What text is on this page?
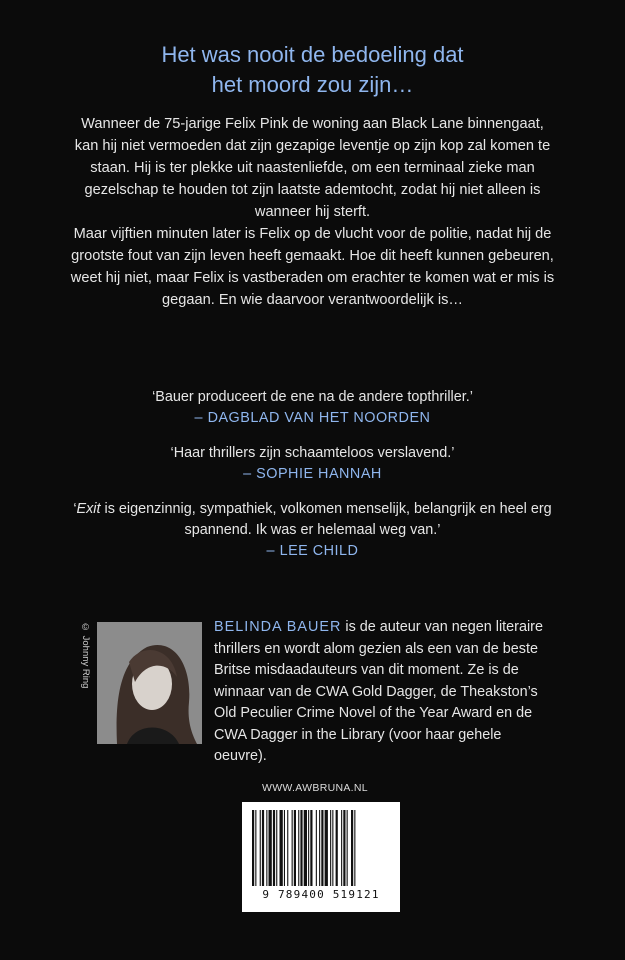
Het was nooit de bedoeling dat
het moord zou zijn…

Wanneer de 75-jarige Felix Pink de woning aan Black Lane binnengaat, kan hij niet vermoeden dat zijn gezapige leventje op zijn kop zal komen te staan. Hij is ter plekke uit naastenliefde, om een terminaal zieke man gezelschap te houden tot zijn laatste ademtocht, zodat hij niet alleen is wanneer hij sterft.

Maar vijftien minuten later is Felix op de vlucht voor de politie, nadat hij de grootste fout van zijn leven heeft gemaakt. Hoe dit heeft kunnen gebeuren, weet hij niet, maar Felix is vastberaden om erachter te komen wat er mis is gegaan. En wie daarvoor verantwoordelijk is…

‘Bauer produceert de ene na de andere topthriller.’
– DAGBLAD VAN HET NOORDEN
‘Haar thrillers zijn schaamteloos verslavend.’
– SOPHIE HANNAH
‘Exit is eigenzinnig, sympathiek, volkomen menselijk, belangrijk en heel erg spannend. Ik was er helemaal weg van.’
– LEE CHILD
© Johnny Ring	BELINDA BAUER is de auteur van negen literaire thrillers en wordt alom gezien als een van de beste Britse misdaadauteurs van dit moment. Ze is de winnaar van de CWA Gold Dagger, de Theakston’s Old Peculier Crime Novel of the Year Award en de CWA Dagger in the Library (voor haar gehele oeuvre).
WWW.AWBRUNA.NL
9 789400 519121
